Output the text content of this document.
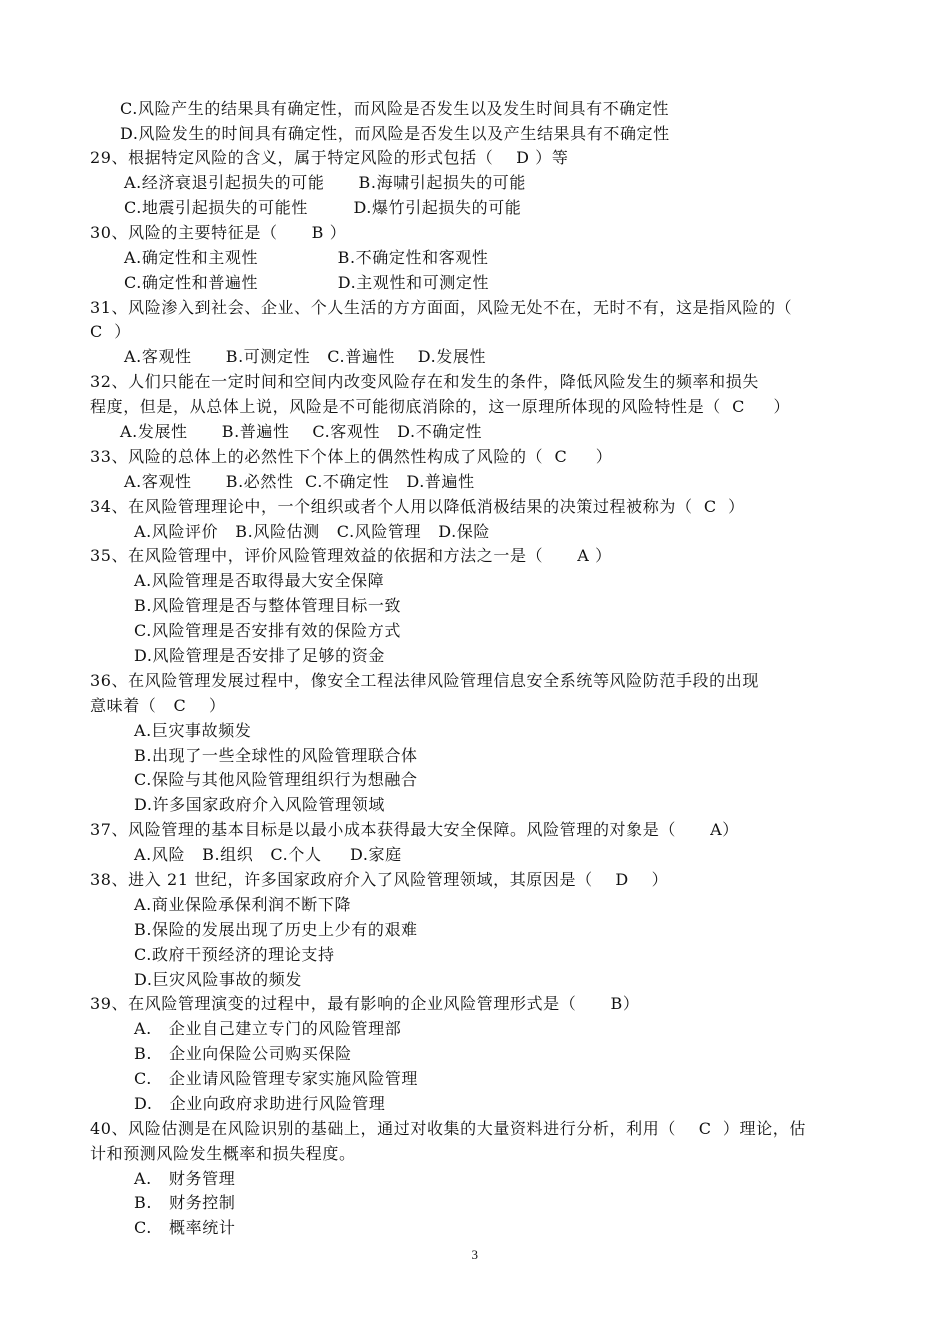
C.风险产生的结果具有确定性，而风险是否发生以及发生时间具有不确定性
D.风险发生的时间具有确定性，而风险是否发生以及产生结果具有不确定性
29、根据特定风险的含义，属于特定风险的形式包括（    D ）等
A.经济衰退引起损失的可能      B.海啸引起损失的可能
C.地震引起损失的可能性        D.爆竹引起损失的可能
30、风险的主要特征是（      B ）
A.确定性和主观性              B.不确定性和客观性
C.确定性和普遍性              D.主观性和可测定性
31、风险渗入到社会、企业、个人生活的方方面面，风险无处不在，无时不有，这是指风险的（
C  ）
A.客观性      B.可测定性   C.普遍性    D.发展性
32、人们只能在一定时间和空间内改变风险存在和发生的条件，降低风险发生的频率和损失
程度，但是，从总体上说，风险是不可能彻底消除的，这一原理所体现的风险特性是（  C     ）
A.发展性      B.普遍性    C.客观性   D.不确定性
33、风险的总体上的必然性下个体上的偶然性构成了风险的（  C     ）
A.客观性      B.必然性  C.不确定性   D.普遍性
34、在风险管理理论中，一个组织或者个人用以降低消极结果的决策过程被称为（  C  ）
A.风险评价   B.风险估测   C.风险管理   D.保险
35、在风险管理中，评价风险管理效益的依据和方法之一是（      A ）
A.风险管理是否取得最大安全保障
B.风险管理是否与整体管理目标一致
C.风险管理是否安排有效的保险方式
D.风险管理是否安排了足够的资金
36、在风险管理发展过程中，像安全工程法律风险管理信息安全系统等风险防范手段的出现
意味着（   C    ）
A.巨灾事故频发
B.出现了一些全球性的风险管理联合体
C.保险与其他风险管理组织行为想融合
D.许多国家政府介入风险管理领域
37、风险管理的基本目标是以最小成本获得最大安全保障。风险管理的对象是（      A）
A.风险   B.组织   C.个人     D.家庭
38、进入 21 世纪，许多国家政府介入了风险管理领域，其原因是（    D    ）
A.商业保险承保利润不断下降
B.保险的发展出现了历史上少有的艰难
C.政府干预经济的理论支持
D.巨灾风险事故的频发
39、在风险管理演变的过程中，最有影响的企业风险管理形式是（      B）
A.   企业自己建立专门的风险管理部
B.   企业向保险公司购买保险
C.   企业请风险管理专家实施风险管理
D.   企业向政府求助进行风险管理
40、风险估测是在风险识别的基础上，通过对收集的大量资料进行分析，利用（    C  ）理论，估
计和预测风险发生概率和损失程度。
A.   财务管理
B.   财务控制
C.   概率统计
3
